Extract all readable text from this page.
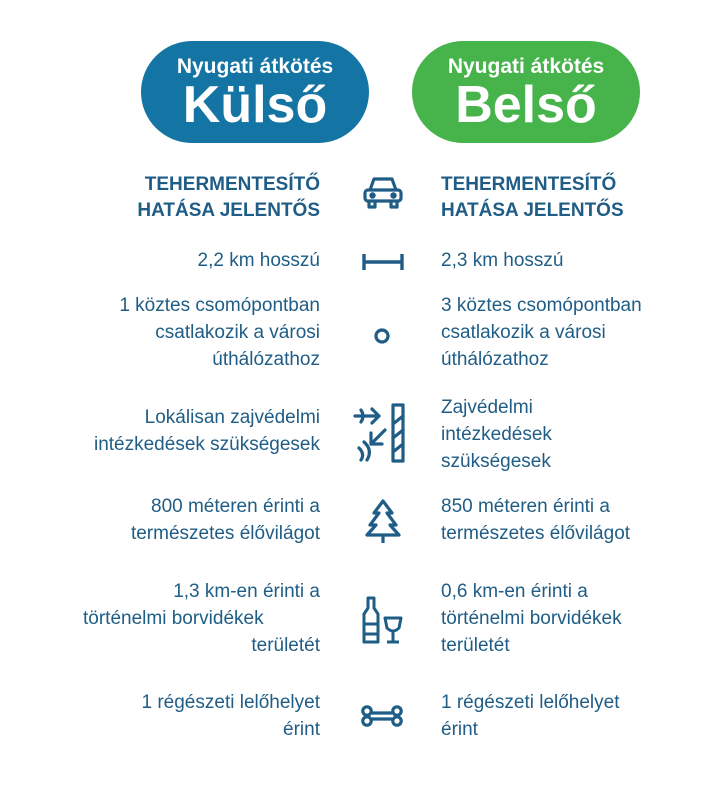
Nyugati átkötés
Külső
Nyugati átkötés
Belső
TEHERMENTESÍTŐ
HATÁSA JELENTŐS
TEHERMENTESÍTŐ
HATÁSA JELENTŐS
2,2 km hosszú	2,3 km hosszú
1 köztes csomópontban
csatlakozik a városi
úthálózathoz
3 köztes csomópontban
csatlakozik a városi
úthálózathoz
Lokálisan zajvédelmi
intézkedések szükségesek
Zajvédelmi
intézkedések
szükségesek
800 méteren érinti a
természetes élővilágot
850 méteren érinti a
természetes élővilágot
1,3 km-en érinti a
történelmi borvidékek
területét
0,6 km-en érinti a
történelmi borvidékek
területét
1 régészeti lelőhelyet
érint
1 régészeti lelőhelyet
érint
